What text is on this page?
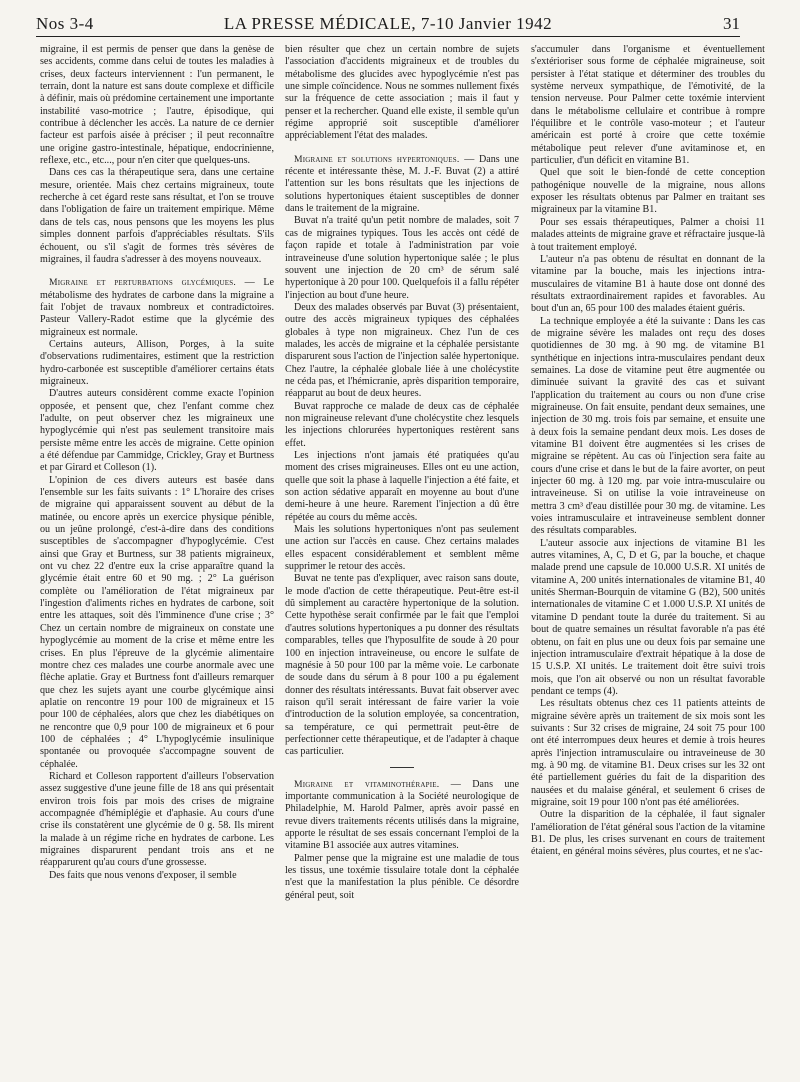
Nos 3-4	LA PRESSE MÉDICALE, 7-10 Janvier 1942	31

migraine, il est permis de penser que dans la genèse de ses accidents, comme dans celui de toutes les maladies à crises, deux facteurs interviennent : l'un permanent, le terrain, dont la nature est sans doute complexe et difficile à définir, mais où prédomine certainement une importante instabilité vaso-motrice ; l'autre, épisodique, qui contribue à déclencher les accès. La nature de ce dernier facteur est parfois aisée à préciser ; il peut reconnaître une origine gastro-intestinale, hépatique, endocrinienne, reflexe, etc., etc..., pour n'en citer que quelques-uns.

Dans ces cas la thérapeutique sera, dans une certaine mesure, orientée. Mais chez certains migraineux, toute recherche à cet égard reste sans résultat, et l'on se trouve dans l'obligation de faire un traitement empirique. Même dans de tels cas, nous pensons que les moyens les plus simples donnent parfois d'appréciables résultats. S'ils échouent, ou s'il s'agit de formes très sévères de migraines, il faudra s'adresser à des moyens nouveaux.

Migraine et perturbations glycémiques. — Le métabolisme des hydrates de carbone dans la migraine a fait l'objet de travaux nombreux et contradictoires. Pasteur Vallery-Radot estime que la glycémie des migraineux est normale.

Certains auteurs, Allison, Porges, à la suite d'observations rudimentaires, estiment que la restriction hydro-carbonée est susceptible d'améliorer certains états migraineux.

D'autres auteurs considèrent comme exacte l'opinion opposée, et pensent que, chez l'enfant comme chez l'adulte, on peut observer chez les migraineux une hypoglycémie qui n'est pas seulement transitoire mais persiste même entre les accès de migraine. Cette opinion a été défendue par Cammidge, Crickley, Gray et Burtness et par Girard et Colleson (1).

L'opinion de ces divers auteurs est basée dans l'ensemble sur les faits suivants : 1° L'horaire des crises de migraine qui apparaissent souvent au début de la matinée, ou encore après un exercice physique pénible, ou un jeûne prolongé, c'est-à-dire dans des conditions susceptibles de s'accompagner d'hypoglycémie. C'est ainsi que Gray et Burtness, sur 38 patients migraineux, ont vu chez 22 d'entre eux la crise apparaître quand la glycémie était entre 60 et 90 mg. ; 2° La guérison complète ou l'amélioration de l'état migraineux par l'ingestion d'aliments riches en hydrates de carbone, soit entre les attaques, soit dès l'imminence d'une crise ; 3° Chez un certain nombre de migraineux on constate une hypoglycémie au moment de la crise et même entre les crises. En plus l'épreuve de la glycémie alimentaire montre chez ces malades une courbe anormale avec une flèche aplatie. Gray et Burtness font d'ailleurs remarquer que chez les sujets ayant une courbe glycémique ainsi aplatie on rencontre 19 pour 100 de migraineux et 15 pour 100 de céphalées, alors que chez les diabétiques on ne rencontre que 0,9 pour 100 de migraineux et 6 pour 100 de céphalées ; 4° L'hypoglycémie insulinique spontanée ou provoquée s'accompagne souvent de céphalée.

Richard et Colleson rapportent d'ailleurs l'observation assez suggestive d'une jeune fille de 18 ans qui présentait environ trois fois par mois des crises de migraine accompagnée d'hémiplégie et d'aphasie. Au cours d'une crise ils constatèrent une glycémie de 0 g. 58. Ils mirent la malade à un régime riche en hydrates de carbone. Les migraines disparurent pendant trois ans et ne réapparurent qu'au cours d'une grossesse.

Des faits que nous venons d'exposer, il semble

bien résulter que chez un certain nombre de sujets l'association d'accidents migraineux et de troubles du métabolisme des glucides avec hypoglycémie n'est pas une simple coïncidence. Nous ne sommes nullement fixés sur la fréquence de cette association ; mais il faut y penser et la rechercher. Quand elle existe, il semble qu'un régime approprié soit susceptible d'améliorer appréciablement l'état des malades.

Migraine et solutions hypertoniques. — Dans une récente et intéressante thèse, M. J.-F. Buvat (2) a attiré l'attention sur les bons résultats que les injections de solutions hypertoniques étaient susceptibles de donner dans le traitement de la migraine.

Buvat n'a traité qu'un petit nombre de malades, soit 7 cas de migraines typiques. Tous les accès ont cédé de façon rapide et totale à l'administration par voie intraveineuse d'une solution hypertonique salée ; le plus souvent une injection de 20 cm³ de sérum salé hypertonique à 20 pour 100. Quelquefois il a fallu répéter l'injection au bout d'une heure.

Deux des malades observés par Buvat (3) présentaient, outre des accès migraineux typiques des céphalées globales à type non migraineux. Chez l'un de ces malades, les accès de migraine et la céphalée persistante disparurent sous l'action de l'injection salée hypertonique. Chez l'autre, la céphalée globale liée à une cholécystite ne céda pas, et l'hémicranie, après disparition temporaire, réapparut au bout de deux heures.

Buvat rapproche ce malade de deux cas de céphalée non migraineuse relevant d'une cholécystite chez lesquels les injections chlorurées hypertoniques restèrent sans effet.

Les injections n'ont jamais été pratiquées qu'au moment des crises migraineuses. Elles ont eu une action, quelle que soit la phase à laquelle l'injection a été faite, et son action sédative apparaît en moyenne au bout d'une demi-heure à une heure. Rarement l'injection a dû être répétée au cours du même accès.

Mais les solutions hypertoniques n'ont pas seulement une action sur l'accès en cause. Chez certains malades elles espacent considérablement et semblent même supprimer le retour des accès.

Buvat ne tente pas d'expliquer, avec raison sans doute, le mode d'action de cette thérapeutique. Peut-être est-il dû simplement au caractère hypertonique de la solution. Cette hypothèse serait confirmée par le fait que l'emploi d'autres solutions hypertoniques a pu donner des résultats comparables, telles que l'hyposulfite de soude à 20 pour 100 en injection intraveineuse, ou encore le sulfate de magnésie à 50 pour 100 par la même voie. Le carbonate de soude dans du sérum à 8 pour 100 a pu également donner des résultats intéressants. Buvat fait observer avec raison qu'il serait intéressant de faire varier la voie d'introduction de la solution employée, sa concentration, sa température, ce qui permettrait peut-être de perfectionner cette thérapeutique, et de l'adapter à chaque cas particulier.

Migraine et vitaminothérapie. — Dans une importante communication à la Société neurologique de Philadelphie, M. Harold Palmer, après avoir passé en revue divers traitements récents utilisés dans la migraine, apporte le résultat de ses essais concernant l'emploi de la vitamine B1 associée aux autres vitamines.

Palmer pense que la migraine est une maladie de tous les tissus, une toxémie tissulaire totale dont la céphalée n'est que la manifestation la plus pénible. Ce désordre général peut, soit

s'accumuler dans l'organisme et éventuellement s'extérioriser sous forme de céphalée migraineuse, soit persister à l'état statique et déterminer des troubles du système nerveux sympathique, de l'émotivité, de la tension nerveuse. Pour Palmer cette toxémie intervient dans le métabolisme cellulaire et contribue à rompre l'équilibre et le contrôle vaso-moteur ; et l'auteur américain est porté à croire que cette toxémie métabolique peut relever d'une avitaminose et, en particulier, d'un déficit en vitamine B1.

Quel que soit le bien-fondé de cette conception pathogénique nouvelle de la migraine, nous allons exposer les résultats obtenus par Palmer en traitant ses migraineux par la vitamine B1.

Pour ses essais thérapeutiques, Palmer a choisi 11 malades atteints de migraine grave et réfractaire jusque-là à tout traitement employé.

L'auteur n'a pas obtenu de résultat en donnant de la vitamine par la bouche, mais les injections intra-musculaires de vitamine B1 à haute dose ont donné des résultats extraordinairement rapides et favorables. Au bout d'un an, 65 pour 100 des malades étaient guéris.

La technique employée a été la suivante : Dans les cas de migraine sévère les malades ont reçu des doses quotidiennes de 30 mg. à 90 mg. de vitamine B1 synthétique en injections intra-musculaires pendant deux semaines. La dose de vitamine peut être augmentée ou diminuée suivant la gravité des cas et suivant l'application du traitement au cours ou non d'une crise migraineuse. On fait ensuite, pendant deux semaines, une injection de 30 mg. trois fois par semaine, et ensuite une à deux fois la semaine pendant deux mois. Les doses de vitamine B1 doivent être augmentées si les crises de migraine se répètent. Au cas où l'injection sera faite au cours d'une crise et dans le but de la faire avorter, on peut injecter 60 mg. à 120 mg. par voie intra-musculaire ou intraveineuse. Si on utilise la voie intraveineuse on mettra 3 cm³ d'eau distillée pour 30 mg. de vitamine. Les voies intramusculaire et intraveineuse semblent donner des résultats comparables.

L'auteur associe aux injections de vitamine B1 les autres vitamines, A, C, D et G, par la bouche, et chaque malade prend une capsule de 10.000 U.S.R. XI unités de vitamine A, 200 unités internationales de vitamine B1, 40 unités Sherman-Bourquin de vitamine G (B2), 500 unités internationales de vitamine C et 1.000 U.S.P. XI unités de vitamine D pendant toute la durée du traitement. Si au bout de quatre semaines un résultat favorable n'a pas été obtenu, on fait en plus une ou deux fois par semaine une injection intramusculaire d'extrait hépatique à la dose de 15 U.S.P. XI unités. Le traitement doit être suivi trois mois, que l'on ait observé ou non un résultat favorable pendant ce temps (4).

Les résultats obtenus chez ces 11 patients atteints de migraine sévère après un traitement de six mois sont les suivants : Sur 32 crises de migraine, 24 soit 75 pour 100 ont été interrompues deux heures et demie à trois heures après l'injection intramusculaire ou intraveineuse de 30 mg. à 90 mg. de vitamine B1. Deux crises sur les 32 ont été partiellement guéries du fait de la disparition des nausées et du malaise général, et seulement 6 crises de migraine, soit 19 pour 100 n'ont pas été améliorées.

Outre la disparition de la céphalée, il faut signaler l'amélioration de l'état général sous l'action de la vitamine B1. De plus, les crises survenant en cours de traitement étaient, en général moins sévères, plus courtes, et ne s'ac-
